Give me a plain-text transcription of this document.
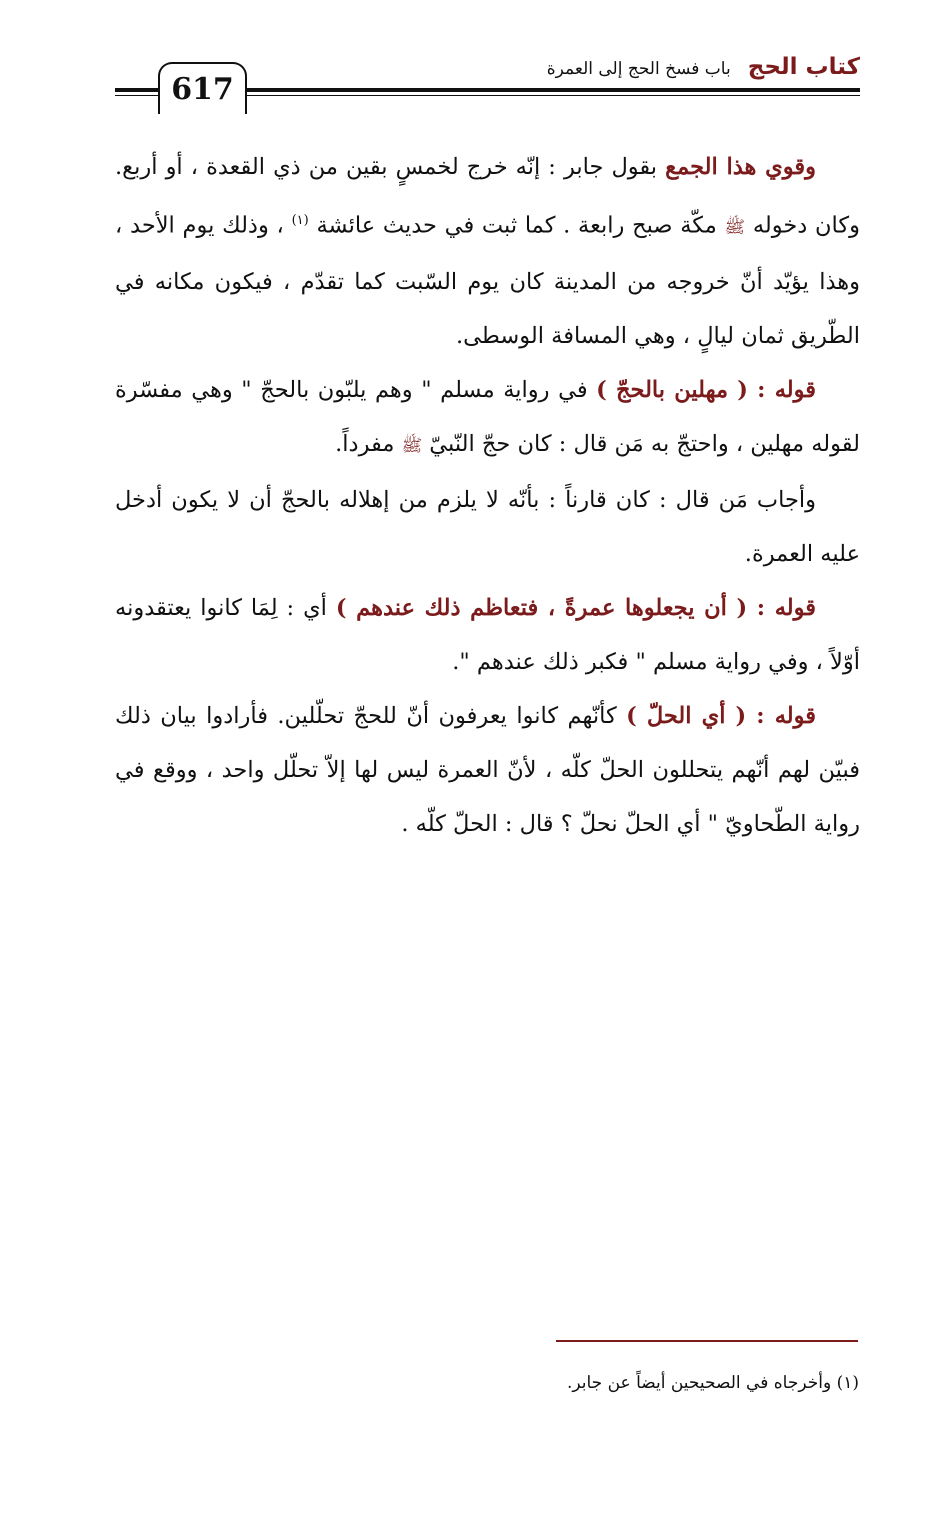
617
كتاب الحج باب فسخ الحج إلى العمرة

وقوي هذا الجمع بقول جابر : إنّه خرج لخمسٍ بقين من ذي القعدة ، أو أربع. وكان دخوله ﷺ مكّة صبح رابعة . كما ثبت في حديث عائشة $^{(١)}$ ، وذلك يوم الأحد ، وهذا يؤيّد أنّ خروجه من المدينة كان يوم السّبت كما تقدّم ، فيكون مكانه في الطّريق ثمان ليالٍ ، وهي المسافة الوسطى.

قوله : ( مهلين بالحجّ ) في رواية مسلم " وهم يلبّون بالحجّ " وهي مفسّرة لقوله مهلين ، واحتجّ به مَن قال : كان حجّ النّبيّ ﷺ مفرداً.

وأجاب مَن قال : كان قارناً : بأنّه لا يلزم من إهلاله بالحجّ أن لا يكون أدخل عليه العمرة.

قوله : ( أن يجعلوها عمرةً ، فتعاظم ذلك عندهم ) أي : لِمَا كانوا يعتقدونه أوّلاً ، وفي رواية مسلم " فكبر ذلك عندهم ".

قوله : ( أي الحلّ ) كأنّهم كانوا يعرفون أنّ للحجّ تحلّلين. فأرادوا بيان ذلك فبيّن لهم أنّهم يتحللون الحلّ كلّه ، لأنّ العمرة ليس لها إلاّ تحلّل واحد ، ووقع في رواية الطّحاويّ " أي الحلّ نحلّ ؟ قال : الحلّ كلّه .

(١) وأخرجاه في الصحيحين أيضاً عن جابر.
